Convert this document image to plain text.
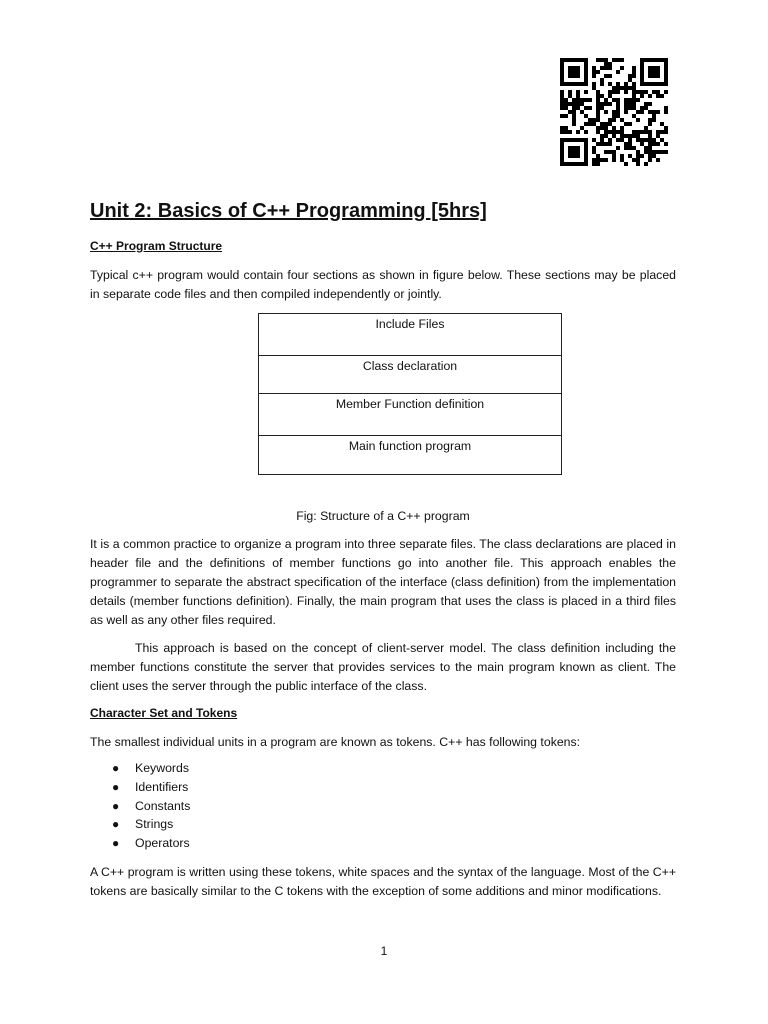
Unit 2: Basics of C++ Programming [5hrs]
C++ Program Structure

Typical c++ program would contain four sections as shown in figure below. These sections may be placed in separate code files and then compiled independently or jointly.

Include Files
Class declaration
Member Function definition
Main function program
Fig: Structure of a C++ program

It is a common practice to organize a program into three separate files. The class declarations are placed in header file and the definitions of member functions go into another file. This approach enables the programmer to separate the abstract specification of the interface (class definition) from the implementation details (member functions definition). Finally, the main program that uses the class is placed in a third files as well as any other files required.

This approach is based on the concept of client-server model. The class definition including the member functions constitute the server that provides services to the main program known as client. The client uses the server through the public interface of the class.

Character Set and Tokens

The smallest individual units in a program are known as tokens. C++ has following tokens:

● Keywords
● Identifiers
● Constants
● Strings
● Operators

A C++ program is written using these tokens, white spaces and the syntax of the language. Most of the C++ tokens are basically similar to the C tokens with the exception of some additions and minor modifications.

1
